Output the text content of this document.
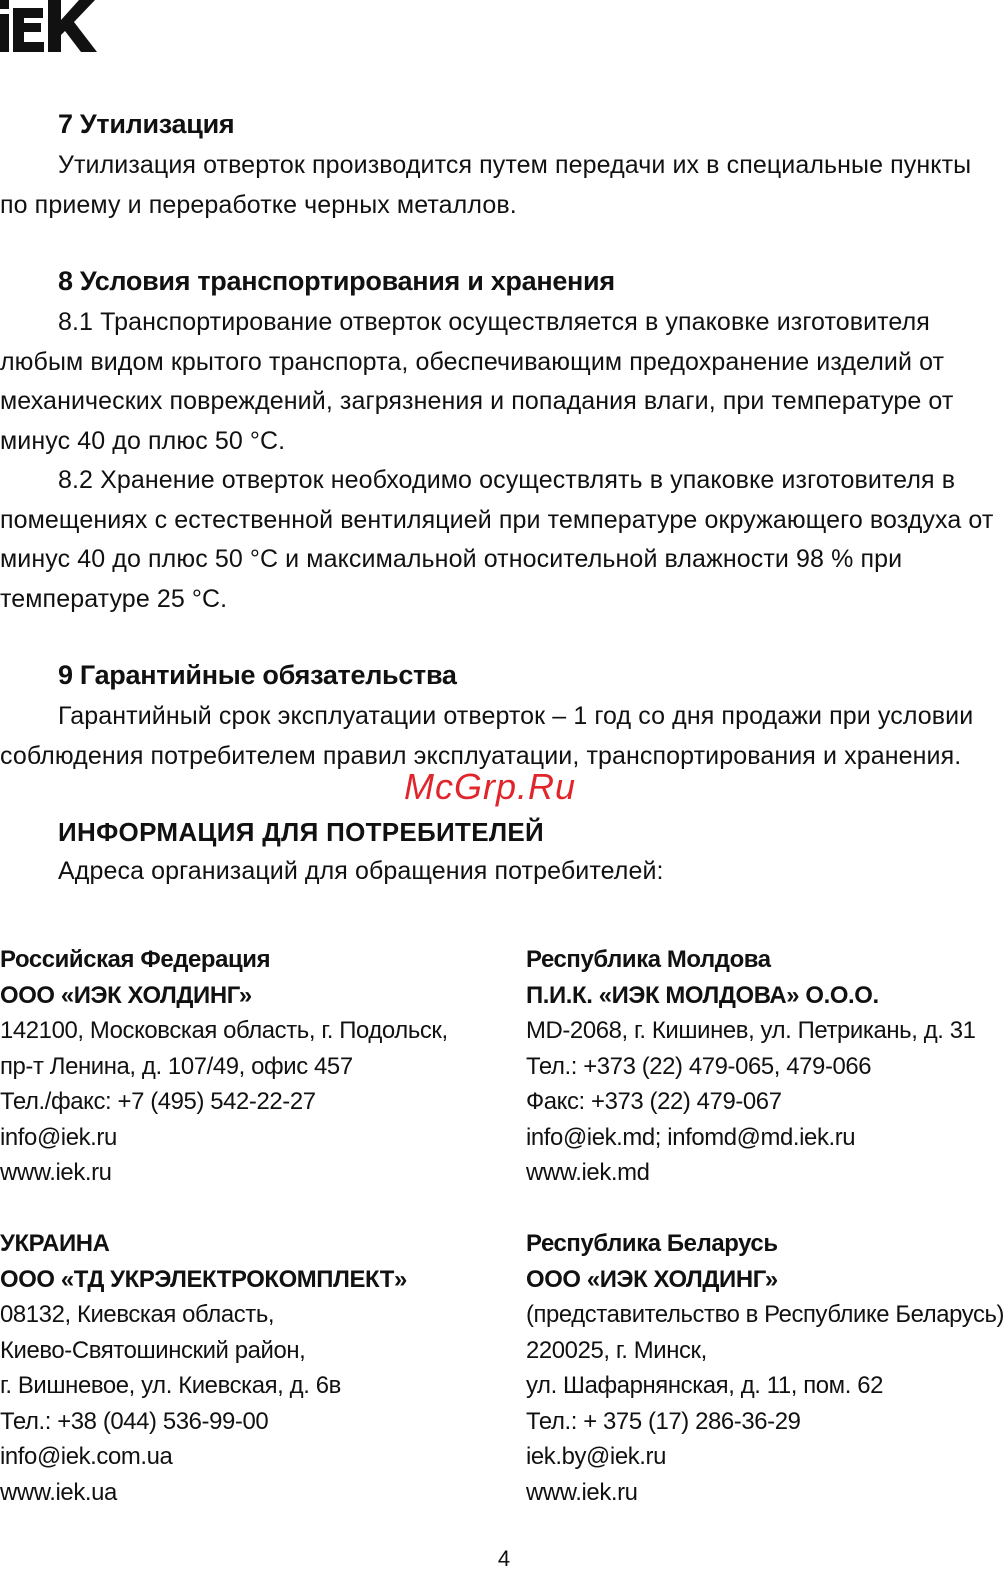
7 Утилизация

Утилизация отверток производится путем передачи их в специальные пункты по приему и переработке черных металлов.

8 Условия транспортирования и хранения

8.1 Транспортирование отверток осуществляется в упаковке изготовителя любым видом крытого транспорта, обеспечивающим предохранение изделий от механических повреждений, загрязнения и попадания влаги, при температуре от минус 40 до плюс 50 °С.

8.2 Хранение отверток необходимо осуществлять в упаковке изготовителя в помещениях с естественной вентиляцией при температуре окружающего воздуха от минус 40 до плюс 50 °С и максимальной относительной влажности 98 % при температуре 25 °С.

9 Гарантийные обязательства

Гарантийный срок эксплуатации отверток – 1 год со дня продажи при условии соблюдения потребителем правил эксплуатации, транспортирования и хранения.

ИНФОРМАЦИЯ ДЛЯ ПОТРЕБИТЕЛЕЙ

Адреса организаций для обращения потребителей:

Российская Федерация
ООО «ИЭК ХОЛДИНГ»
142100, Московская область, г. Подольск,
пр-т Ленина, д. 107/49, офис 457
Тел./факс: +7 (495) 542-22-27
info@iek.ru
www.iek.ru
Республика Молдова
П.И.К. «ИЭК МОЛДОВА» О.О.О.
MD-2068, г. Кишинев, ул. Петрикань, д. 31
Тел.: +373 (22) 479-065, 479-066
Факс: +373 (22) 479-067
info@iek.md; infomd@md.iek.ru
www.iek.md
УКРАИНА
ООО «ТД УКРЭЛЕКТРОКОМПЛЕКТ»
08132, Киевская область,
Киево-Святошинский район,
г. Вишневое, ул. Киевская, д. 6в
Тел.: +38 (044) 536-99-00
info@iek.com.ua
www.iek.ua
Республика Беларусь
ООО «ИЭК ХОЛДИНГ»
(представительство в Республике Беларусь)
220025, г. Минск,
ул. Шафарнянская, д. 11, пом. 62
Тел.: + 375 (17) 286-36-29
iek.by@iek.ru
www.iek.ru
McGrp.Ru
4
